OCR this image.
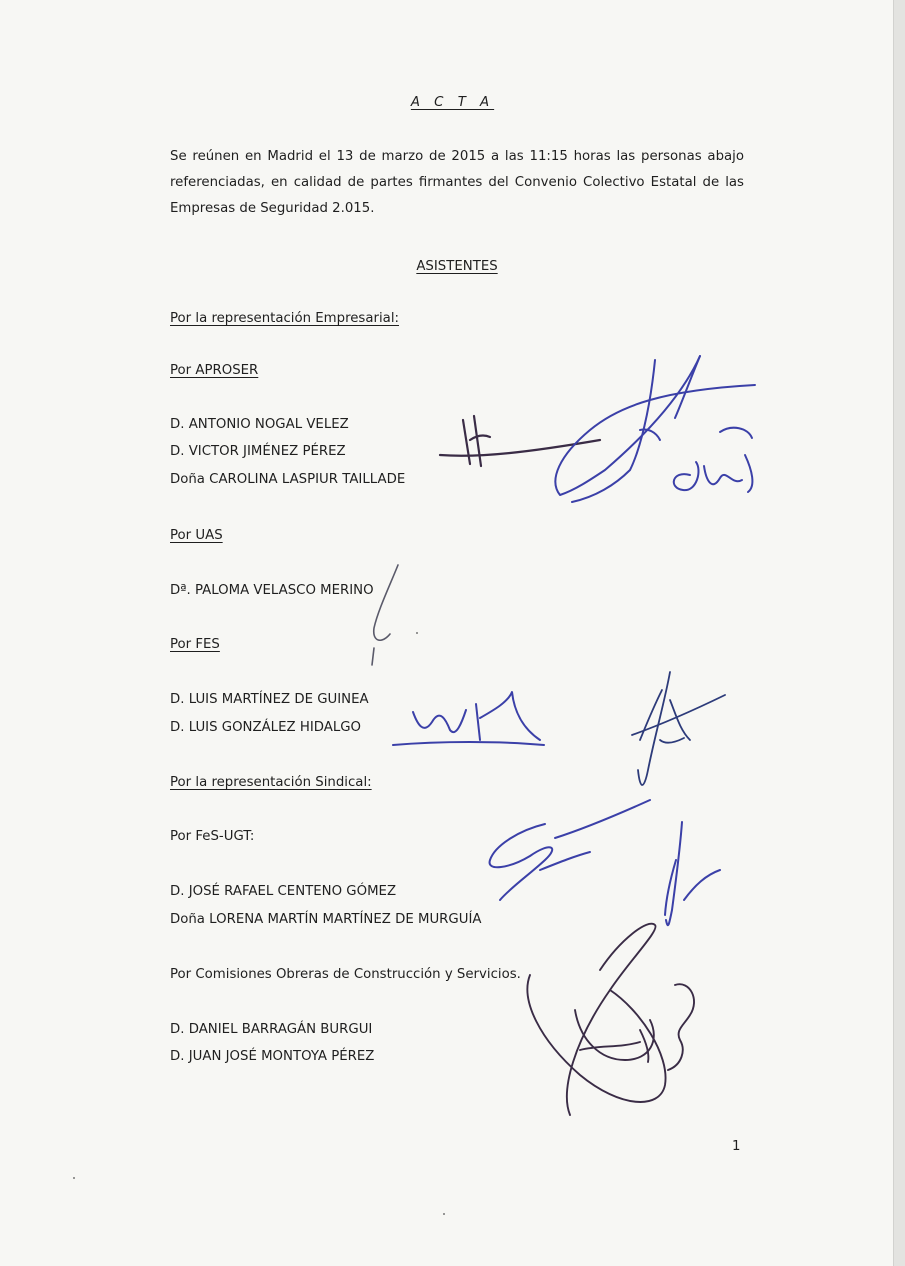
A C T A
Se reúnen en Madrid el 13 de marzo de 2015 a las 11:15 horas las personas abajo
referenciadas, en calidad de partes firmantes del Convenio Colectivo Estatal de las
Empresas de Seguridad 2.015.
ASISTENTES
Por la representación Empresarial:
Por APROSER
D. ANTONIO NOGAL VELEZ
D. VICTOR JIMÉNEZ PÉREZ
Doña CAROLINA LASPIUR TAILLADE
Por UAS
Dª. PALOMA VELASCO MERINO
Por FES
D. LUIS MARTÍNEZ DE GUINEA
D. LUIS GONZÁLEZ HIDALGO
Por la representación Sindical:
Por FeS-UGT:
D. JOSÉ RAFAEL CENTENO GÓMEZ
Doña LORENA MARTÍN MARTÍNEZ DE MURGUÍA
Por Comisiones Obreras de Construcción y Servicios.
D. DANIEL BARRAGÁN BURGUI
D. JUAN JOSÉ MONTOYA PÉREZ
1
